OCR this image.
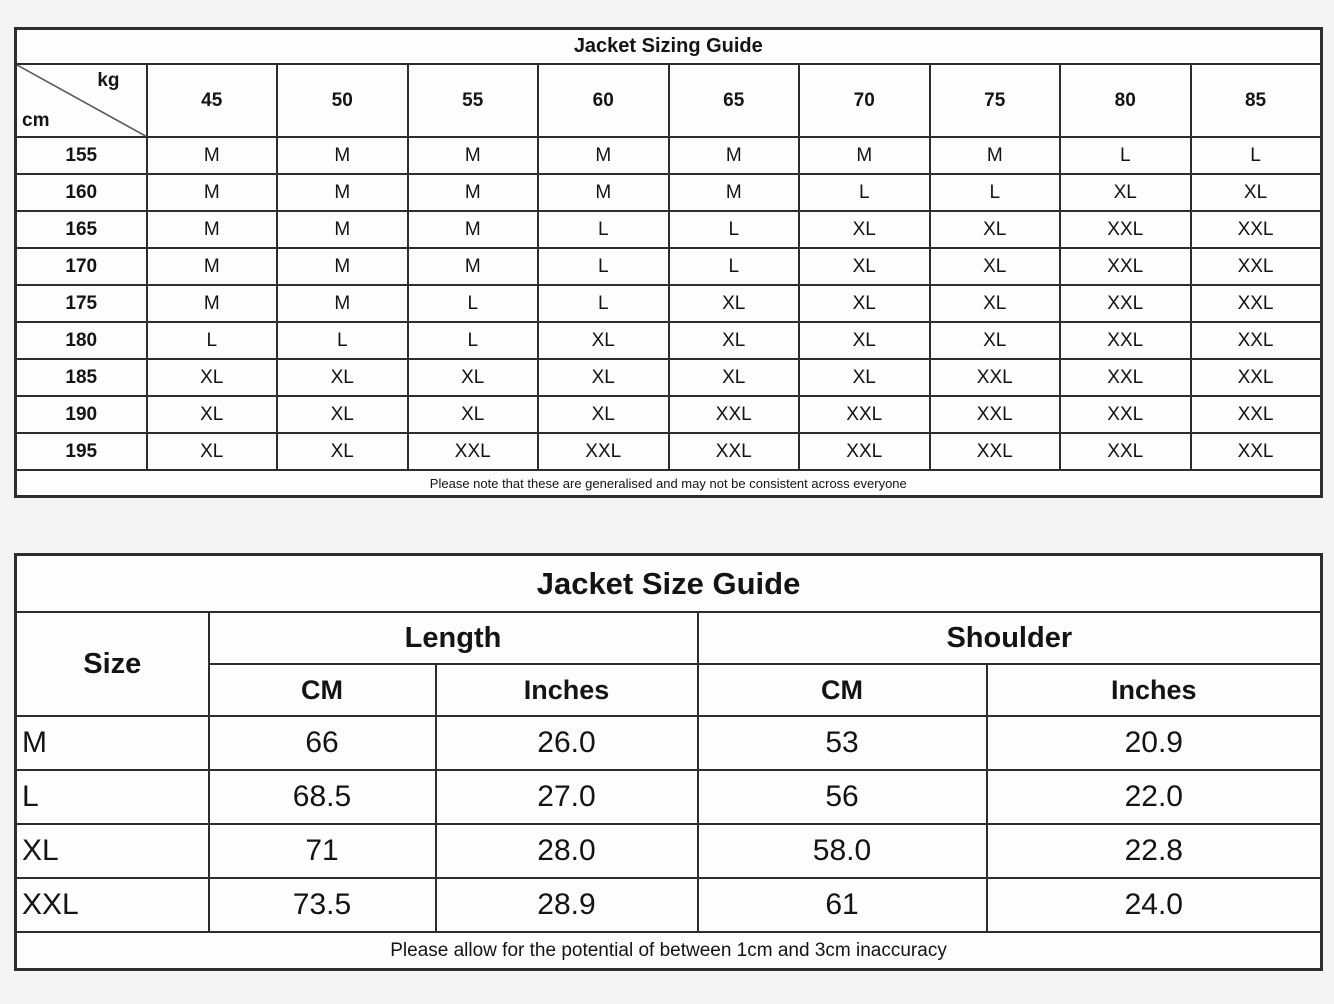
Jacket Sizing Guide									

kg
cm	45	50	55	60	65	70	75	80	85
155	M	M	M	M	M	M	M	L	L
160	M	M	M	M	M	L	L	XL	XL
165	M	M	M	L	L	XL	XL	XXL	XXL
170	M	M	M	L	L	XL	XL	XXL	XXL
175	M	M	L	L	XL	XL	XL	XXL	XXL
180	L	L	L	XL	XL	XL	XL	XXL	XXL
185	XL	XL	XL	XL	XL	XL	XXL	XXL	XXL
190	XL	XL	XL	XL	XXL	XXL	XXL	XXL	XXL
195	XL	XL	XXL	XXL	XXL	XXL	XXL	XXL	XXL
Please note that these are generalised and may not be consistent across everyone									
Jacket Size Guide				
Size	Length		Shoulder	
	CM	Inches	CM	Inches
M	66	26.0	53	20.9
L	68.5	27.0	56	22.0
XL	71	28.0	58.0	22.8
XXL	73.5	28.9	61	24.0
Please allow for the potential of between 1cm and 3cm inaccuracy				
